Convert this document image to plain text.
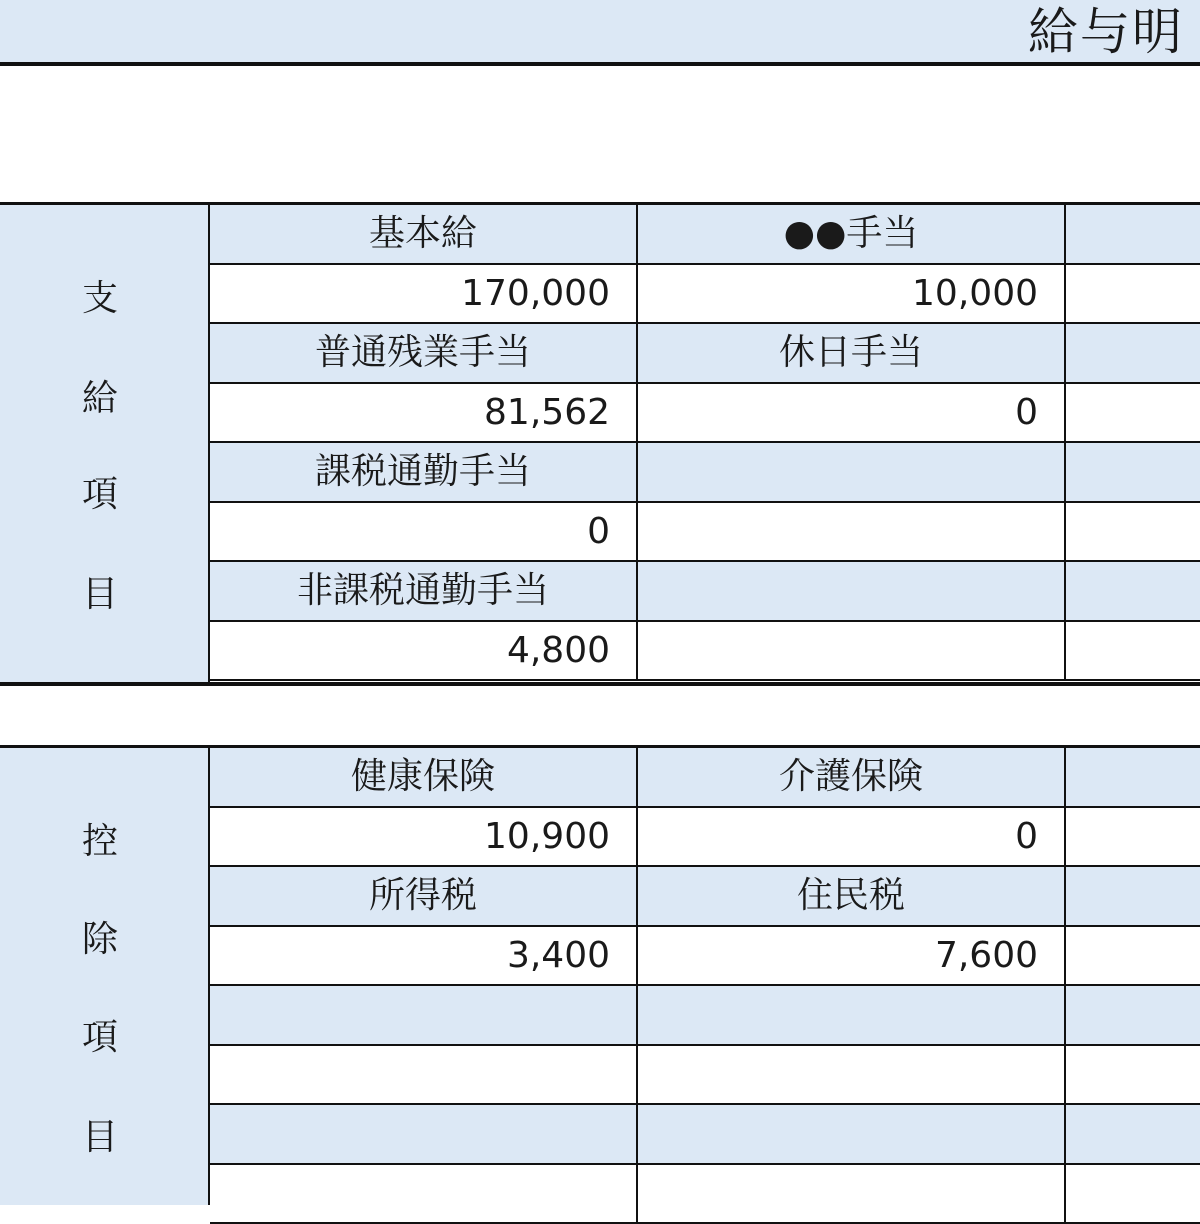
給与明
支
給
項
目
基本給	●●手当
170,000	10,000
普通残業手当	休日手当
81,562	0
課税通勤手当
0
非課税通勤手当
4,800
控
除
項
目
健康保険	介護保険
10,900	0
所得税	住民税
3,400	7,600
